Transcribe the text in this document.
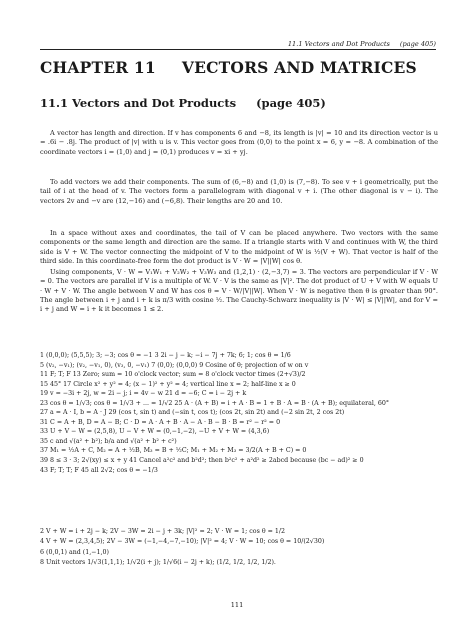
11.1 Vectors and Dot Products (page 405)
CHAPTER 11 VECTORS AND MATRICES
11.1 Vectors and Dot Products (page 405)

A vector has length and direction. If v has components 6 and −8, its length is |v| = 10 and its direction vector is u = .6i − .8j. The product of |v| with u is v. This vector goes from (0,0) to the point x = 6, y = −8. A combination of the coordinate vectors i = (1,0) and j = (0,1) produces v = xi + yj.

To add vectors we add their components. The sum of (6,−8) and (1,0) is (7,−8). To see v + i geometrically, put the tail of i at the head of v. The vectors form a parallelogram with diagonal v + i. (The other diagonal is v − i). The vectors 2v and −v are (12,−16) and (−6,8). Their lengths are 20 and 10.

In a space without axes and coordinates, the tail of V can be placed anywhere. Two vectors with the same components or the same length and direction are the same. If a triangle starts with V and continues with W, the third side is V + W. The vector connecting the midpoint of V to the midpoint of W is ½(V + W). That vector is half of the third side. In this coordinate-free form the dot product is V · W = |V||W| cos θ.

Using components, V · W = V₁W₁ + V₂W₂ + V₃W₃ and (1,2,1) · (2,−3,7) = 3. The vectors are perpendicular if V · W = 0. The vectors are parallel if V is a multiple of W. V · V is the same as |V|². The dot product of U + V with W equals U · W + V · W. The angle between V and W has cos θ = V · W/|V||W|. When V · W is negative then θ is greater than 90°. The angle between i + j and i + k is π/3 with cosine ½. The Cauchy-Schwarz inequality is |V · W| ≤ |V||W|, and for V = i + j and W = i + k it becomes 1 ≤ 2.

1 (0,0,0); (5,5,5); 3; −3; cos θ = −1 3 2i − j − k; −i − 7j + 7k; 6; 1; cos θ = 1/6
5 (v₂, −v₁); (v₂, −v₁, 0), (v₃, 0, −v₁) 7 (0,0); (0,0,0) 9 Cosine of θ; projection of w on v
11 F; T; F 13 Zero; sum = 10 o'clock vector; sum = 8 o'clock vector times (2+√3)/2
15 45° 17 Circle x² + y² = 4; (x − 1)² + y² = 4; vertical line x = 2; half-line x ≥ 0
19 v = −3i + 2j, w = 2i − j; i = 4v − w 21 d = −6; C = i − 2j + k
23 cos θ = 1/√3; cos θ = 1/√3 + ... = 1/√2 25 A · (A + B) = i + A · B = 1 + B · A = B · (A + B); equilateral, 60°
27 a = A · I, b = A · J 29 (cos t, sin t) and (−sin t, cos t); (cos 2t, sin 2t) and (−2 sin 2t, 2 cos 2t)
31 C = A + B, D = A − B; C · D = A · A + B · A − A · B − B · B = r² − r² = 0
33 U + V − W = (2,5,8), U − V + W = (0,−1,−2), −U + V + W = (4,3,6)
35 c and √(a² + b²); b/a and √(a² + b² + c²)
37 M₁ = ½A + C, M₂ = A + ½B, M₃ = B + ½C; M₁ + M₂ + M₃ = 3/2(A + B + C) = 0
39 8 ≤ 3 · 3; 2√(xy) ≤ x + y 41 Cancel a²c² and b²d²; then b²c² + a²d² ≥ 2abcd because (bc − ad)² ≥ 0
43 F; T; T; F 45 all 2√2; cos θ = −1/3
2 V + W = i + 2j − k; 2V − 3W = 2i − j + 3k; |V|² = 2; V · W = 1; cos θ = 1/2
4 V + W = (2,3,4,5); 2V − 3W = (−1,−4,−7,−10); |V|² = 4; V · W = 10; cos θ = 10/(2√30)
6 (0,0,1) and (1,−1,0)
8 Unit vectors 1/√3(1,1,1); 1/√2(i + j); 1/√6(i − 2j + k); (1/2, 1/2, 1/2, 1/2).
111
